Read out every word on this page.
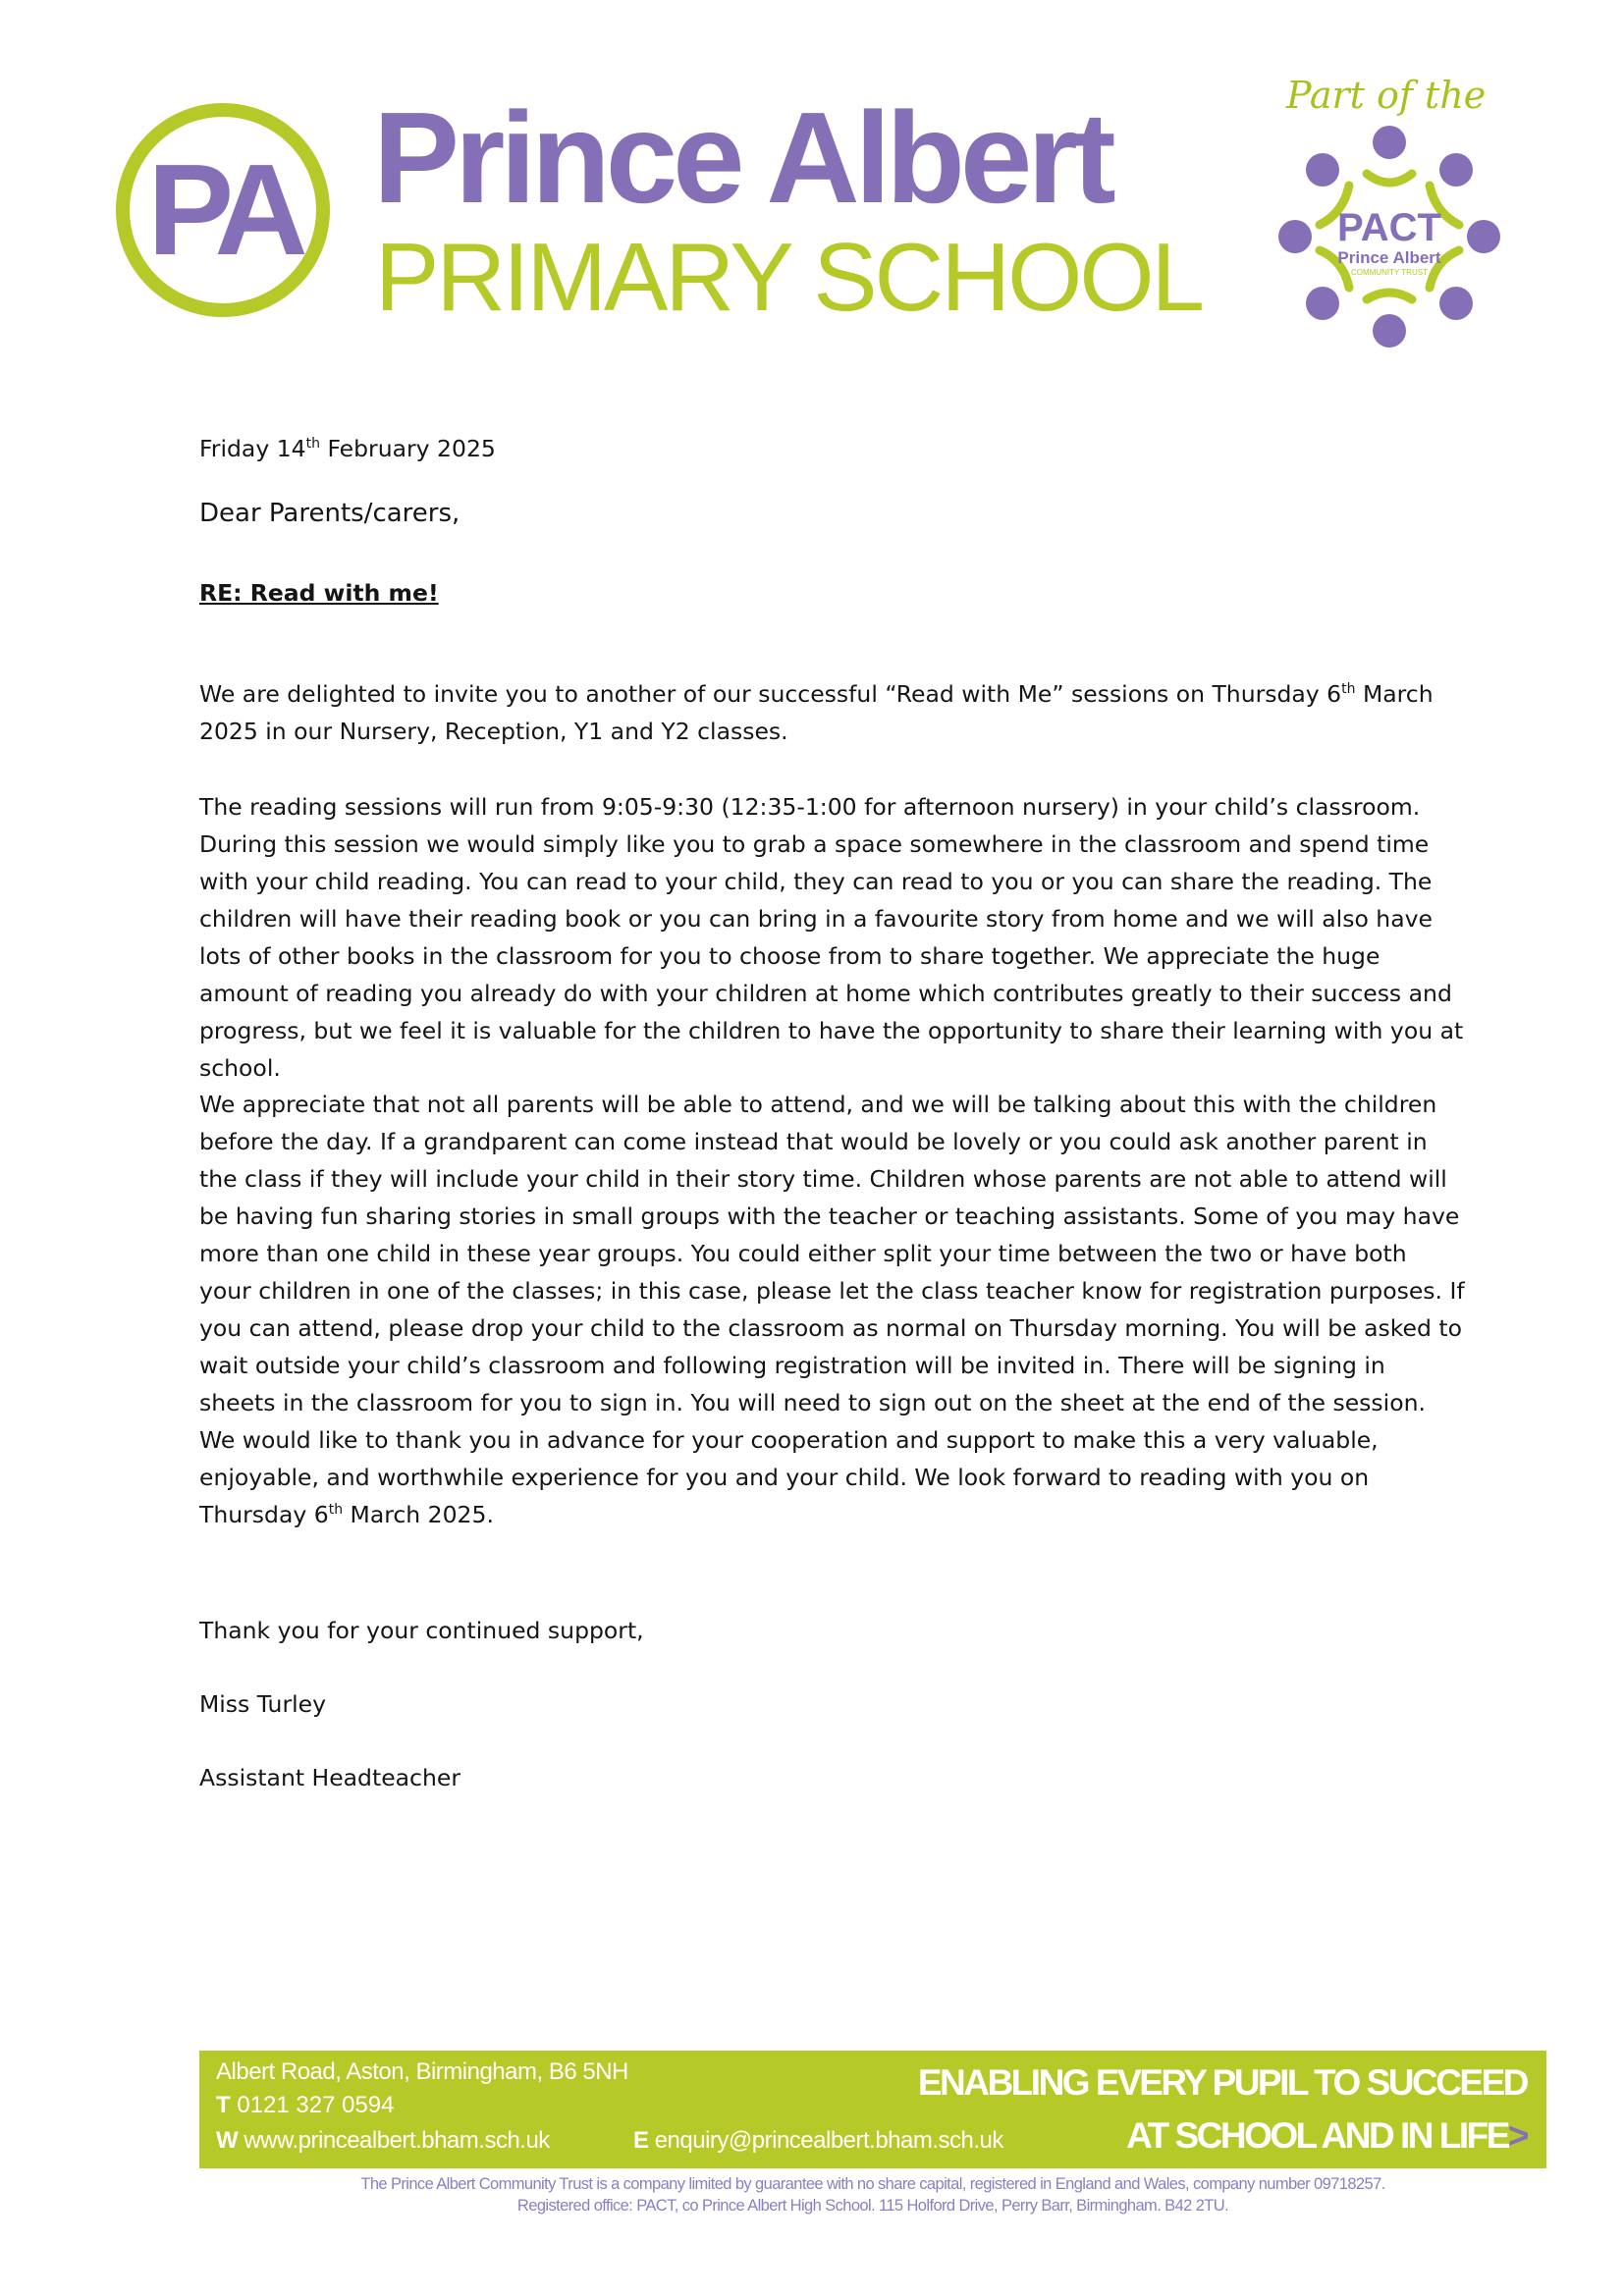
PA Prince Albert
PRIMARY SCHOOL
Part of the
PACT
Prince Albert
COMMUNITY TRUST
Friday 14th February 2025
Dear Parents/carers,
RE: Read with me!

We are delighted to invite you to another of our successful “Read with Me” sessions on Thursday 6th March

2025 in our Nursery, Reception, Y1 and Y2 classes.

The reading sessions will run from 9:05-9:30 (12:35-1:00 for afternoon nursery) in your child’s classroom.

During this session we would simply like you to grab a space somewhere in the classroom and spend time

with your child reading. You can read to your child, they can read to you or you can share the reading. The

children will have their reading book or you can bring in a favourite story from home and we will also have

lots of other books in the classroom for you to choose from to share together. We appreciate the huge

amount of reading you already do with your children at home which contributes greatly to their success and

progress, but we feel it is valuable for the children to have the opportunity to share their learning with you at

school.

We appreciate that not all parents will be able to attend, and we will be talking about this with the children

before the day. If a grandparent can come instead that would be lovely or you could ask another parent in

the class if they will include your child in their story time. Children whose parents are not able to attend will

be having fun sharing stories in small groups with the teacher or teaching assistants. Some of you may have

more than one child in these year groups. You could either split your time between the two or have both

your children in one of the classes; in this case, please let the class teacher know for registration purposes. If

you can attend, please drop your child to the classroom as normal on Thursday morning. You will be asked to

wait outside your child’s classroom and following registration will be invited in. There will be signing in

sheets in the classroom for you to sign in. You will need to sign out on the sheet at the end of the session.

We would like to thank you in advance for your cooperation and support to make this a very valuable,

enjoyable, and worthwhile experience for you and your child. We look forward to reading with you on

Thursday 6th March 2025.

Thank you for your continued support,
Miss Turley
Assistant Headteacher
Albert Road, Aston, Birmingham, B6 5NH
T 0121 327 0594
W www.princealbert.bham.sch.uk	E enquiry@princealbert.bham.sch.uk
ENABLING EVERY PUPIL TO SUCCEED
AT SCHOOL AND IN LIFE>
The Prince Albert Community Trust is a company limited by guarantee with no share capital, registered in England and Wales, company number 09718257.
Registered office: PACT, co Prince Albert High School. 115 Holford Drive, Perry Barr, Birmingham. B42 2TU.
